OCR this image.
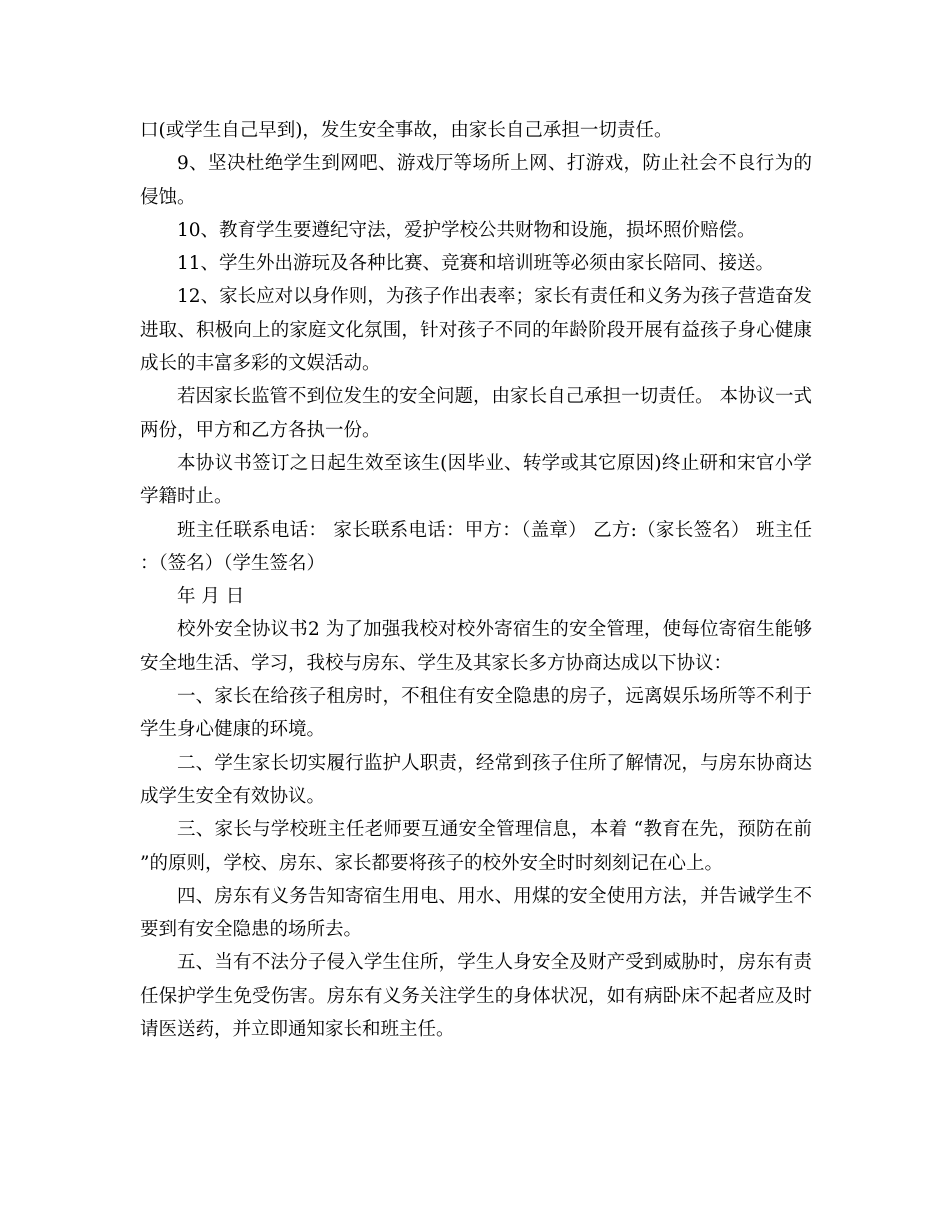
口(或学生自己早到)，发生安全事故，由家长自己承担一切责任。

9、坚决杜绝学生到网吧、游戏厅等场所上网、打游戏，防止社会不良行为的侵蚀。

10、教育学生要遵纪守法，爱护学校公共财物和设施，损坏照价赔偿。

11、学生外出游玩及各种比赛、竞赛和培训班等必须由家长陪同、接送。

12、家长应对以身作则，为孩子作出表率；家长有责任和义务为孩子营造奋发进取、积极向上的家庭文化氛围，针对孩子不同的年龄阶段开展有益孩子身心健康成长的丰富多彩的文娱活动。

若因家长监管不到位发生的安全问题，由家长自己承担一切责任。 本协议一式两份，甲方和乙方各执一份。

本协议书签订之日起生效至该生(因毕业、转学或其它原因)终止研和宋官小学学籍时止。

班主任联系电话： 家长联系电话：甲方：（盖章） 乙方:（家长签名） 班主任：（签名）（学生签名）

年 月 日

校外安全协议书2 为了加强我校对校外寄宿生的安全管理，使每位寄宿生能够安全地生活、学习，我校与房东、学生及其家长多方协商达成以下协议：

一、家长在给孩子租房时，不租住有安全隐患的房子，远离娱乐场所等不利于学生身心健康的环境。

二、学生家长切实履行监护人职责，经常到孩子住所了解情况，与房东协商达成学生安全有效协议。

三、家长与学校班主任老师要互通安全管理信息，本着 “教育在先，预防在前”的原则，学校、房东、家长都要将孩子的校外安全时时刻刻记在心上。

四、房东有义务告知寄宿生用电、用水、用煤的安全使用方法，并告诫学生不要到有安全隐患的场所去。

五、当有不法分子侵入学生住所，学生人身安全及财产受到威胁时，房东有责任保护学生免受伤害。房东有义务关注学生的身体状况，如有病卧床不起者应及时请医送药，并立即通知家长和班主任。
